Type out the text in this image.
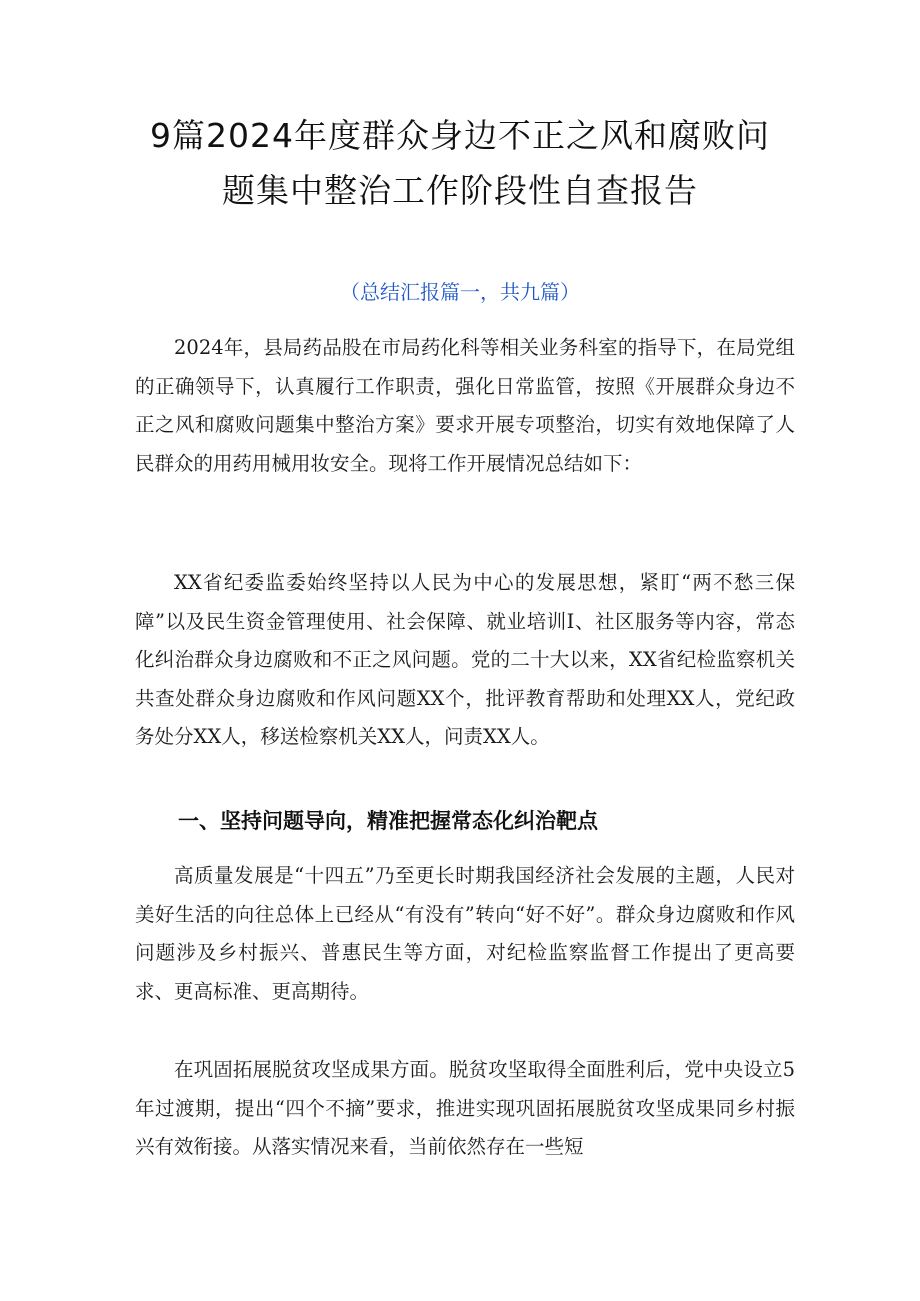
9篇2024年度群众身边不正之风和腐败问
题集中整治工作阶段性自查报告
（总结汇报篇一，共九篇）

2024年，县局药品股在市局药化科等相关业务科室的指导下，在局党组的正确领导下，认真履行工作职责，强化日常监管，按照《开展群众身边不正之风和腐败问题集中整治方案》要求开展专项整治，切实有效地保障了人民群众的用药用械用妆安全。现将工作开展情况总结如下：

XX省纪委监委始终坚持以人民为中心的发展思想，紧盯“两不愁三保障”以及民生资金管理使用、社会保障、就业培训I、社区服务等内容，常态化纠治群众身边腐败和不正之风问题。党的二十大以来，XX省纪检监察机关共查处群众身边腐败和作风问题XX个，批评教育帮助和处理XX人，党纪政务处分XX人，移送检察机关XX人，问责XX人。

一、坚持问题导向，精准把握常态化纠治靶点

高质量发展是“十四五”乃至更长时期我国经济社会发展的主题，人民对美好生活的向往总体上已经从“有没有”转向“好不好”。群众身边腐败和作风问题涉及乡村振兴、普惠民生等方面，对纪检监察监督工作提出了更高要求、更高标准、更高期待。

在巩固拓展脱贫攻坚成果方面。脱贫攻坚取得全面胜利后，党中央设立5年过渡期，提出“四个不摘”要求，推进实现巩固拓展脱贫攻坚成果同乡村振兴有效衔接。从落实情况来看，当前依然存在一些短
